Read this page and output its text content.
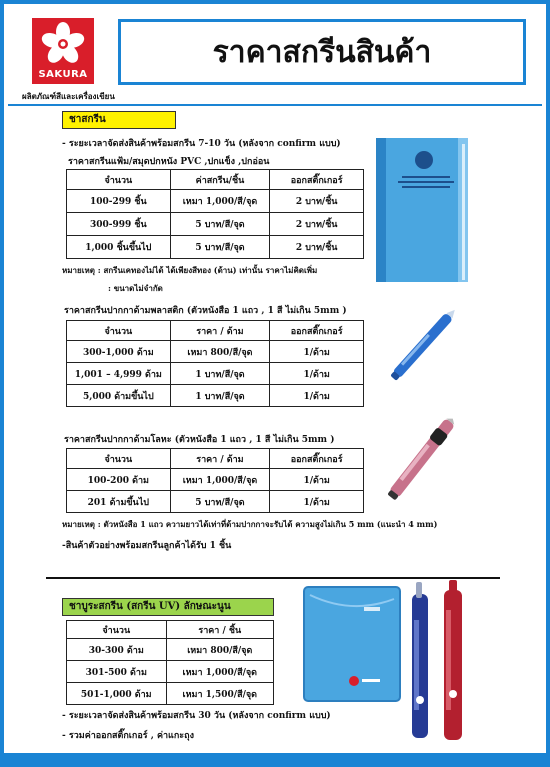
SAKURA
ผลิตภัณฑ์สีและเครื่องเขียน
ราคาสกรีนสินค้า
ชาสกรีน
- ระยะเวลาจัดส่งสินค้าพร้อมสกรีน 7-10 วัน (หลังจาก confirm แบบ)
ราคาสกรีนแฟ้ม/สมุดปกหนัง PVC ,ปกแข็ง ,ปกอ่อน
จำนวน	ค่าสกรีน/ชิ้น	ออกสติ๊กเกอร์
100-299 ชิ้น	เหมา 1,000/สี/จุด	2 บาท/ชิ้น
300-999 ชิ้น	5 บาท/สี/จุด	2 บาท/ชิ้น
1,000 ชิ้นขึ้นไป	5 บาท/สี/จุด	2 บาท/ชิ้น
หมายเหตุ : สกรีนเคทองไม่ได้ ได้เพียงสีทอง (ด้าน) เท่านั้น ราคาไม่คิดเพิ่ม
: ขนาดไม่จำกัด
ราคาสกรีนปากกาด้ามพลาสติก (ตัวหนังสือ 1 แถว , 1 สี ไม่เกิน 5mm )
จำนวน	ราคา / ด้าม	ออกสติ๊กเกอร์
300-1,000 ด้าม	เหมา 800/สี/จุด	1/ด้าม
1,001 – 4,999 ด้าม	1 บาท/สี/จุด	1/ด้าม
5,000 ด้ามขึ้นไป	1 บาท/สี/จุด	1/ด้าม
ราคาสกรีนปากกาด้ามโลหะ (ตัวหนังสือ 1 แถว , 1 สี ไม่เกิน 5mm )
จำนวน	ราคา / ด้าม	ออกสติ๊กเกอร์
100-200 ด้าม	เหมา 1,000/สี/จุด	1/ด้าม
201 ด้ามขึ้นไป	5 บาท/สี/จุด	1/ด้าม
หมายเหตุ : ตัวหนังสือ 1 แถว ความยาวได้เท่าที่ด้ามปากกาจะรับได้ ความสูงไม่เกิน 5 mm (แนะนำ 4 mm)
-สินค้าตัวอย่างพร้อมสกรีนลูกค้าได้รับ 1 ชิ้น
ชาบูระสกรีน (สกรีน UV) ลักษณะนูน
จำนวน	ราคา / ชิ้น
30-300 ด้าม	เหมา 800/สี/จุด
301-500 ด้าม	เหมา 1,000/สี/จุด
501-1,000 ด้าม	เหมา 1,500/สี/จุด
- ระยะเวลาจัดส่งสินค้าพร้อมสกรีน 30 วัน (หลังจาก confirm แบบ)
- รวมค่าออกสติ๊กเกอร์ , ค่าแกะถุง
